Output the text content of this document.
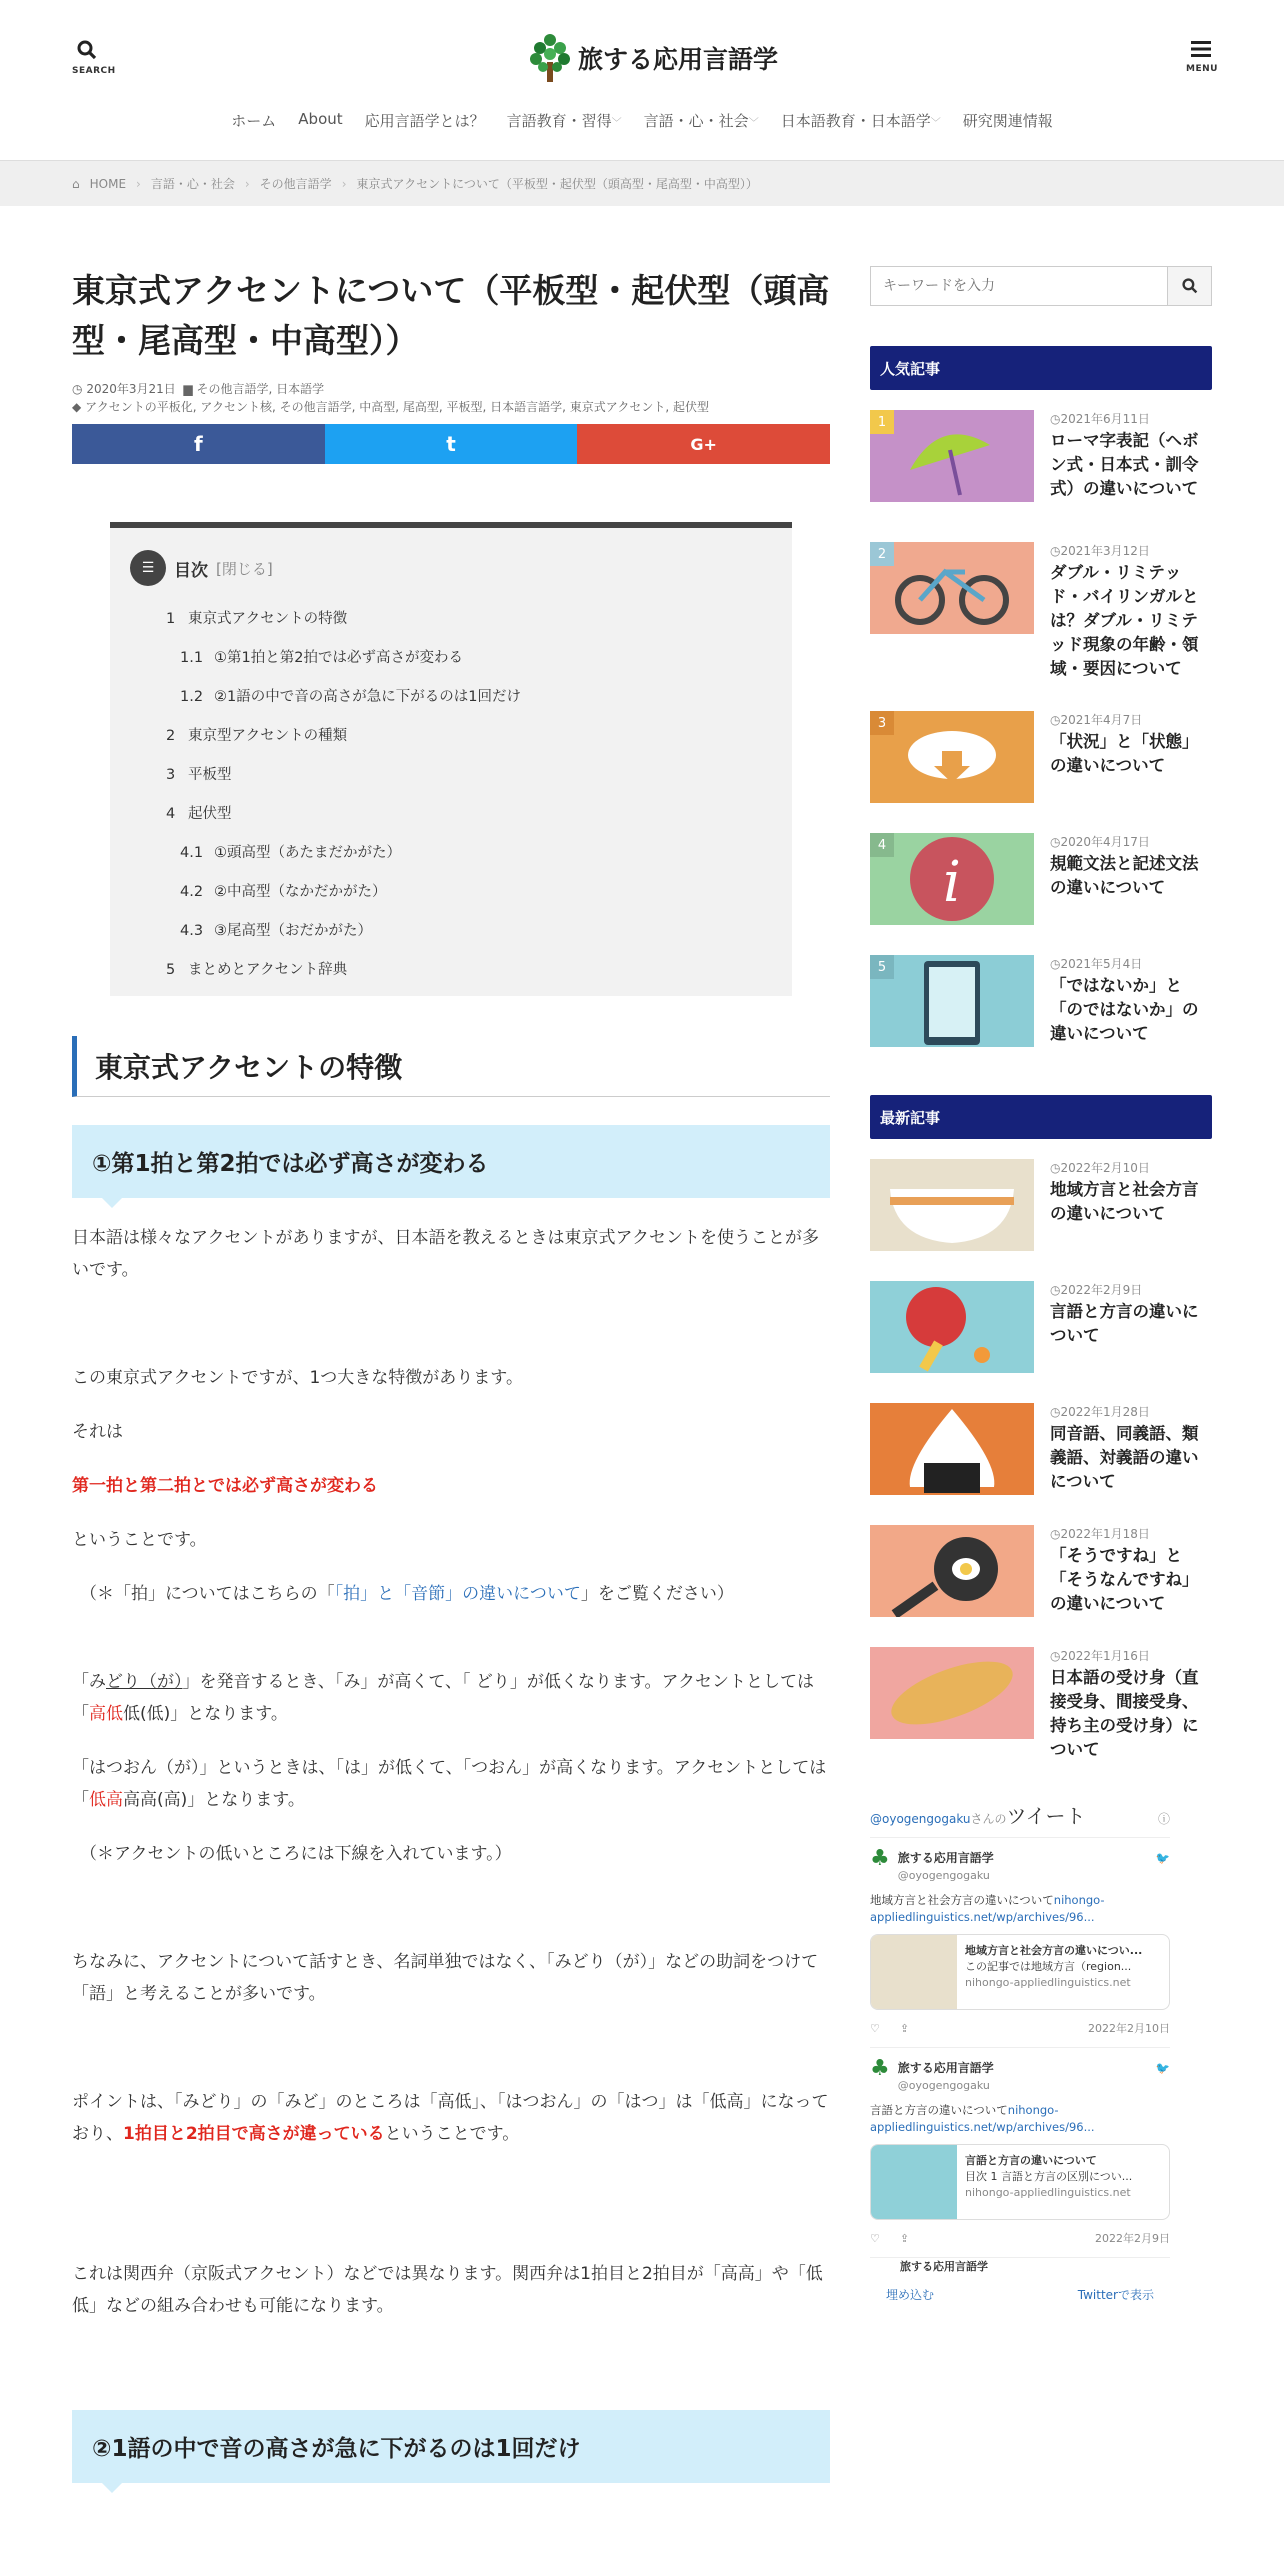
SEARCH	旅する応用言語学	MENU
ホーム About 応用言語学とは？ 言語教育・習得﹀ 言語・心・社会﹀ 日本語教育・日本語学﹀ 研究関連情報
⌂ HOME › 言語・心・社会 › その他言語学 › 東京式アクセントについて（平板型・起伏型（頭高型・尾高型・中高型））
東京式アクセントについて（平板型・起伏型（頭高型・尾高型・中高型））
◷ 2020年3月21日 ▆ その他言語学, 日本語学
◆ アクセントの平板化, アクセント核, その他言語学, 中高型, 尾高型, 平板型, 日本語言語学, 東京式アクセント, 起伏型
f	t	G+
☰	目次 [閉じる]
1 東京式アクセントの特徴
1.1 ①第1拍と第2拍では必ず高さが変わる
1.2 ②1語の中で音の高さが急に下がるのは1回だけ
2 東京型アクセントの種類
3 平板型
4 起伏型
4.1 ①頭高型（あたまだかがた）
4.2 ②中高型（なかだかがた）
4.3 ③尾高型（おだかがた）
5 まとめとアクセント辞典
東京式アクセントの特徴
①第1拍と第2拍では必ず高さが変わる

日本語は様々なアクセントがありますが、日本語を教えるときは東京式アクセントを使うことが多いです。

この東京式アクセントですが、1つ大きな特徴があります。

それは

第一拍と第二拍とでは必ず高さが変わる

ということです。

（＊「拍」についてはこちらの「「拍」と「音節」の違いについて」をご覧ください）

「みどり（が）」を発音するとき、「み」が高くて、「 どり」が低くなります。アクセントとしては「高低低(低)」となります。

「はつおん（が）」というときは、「は」が低くて、「つおん」が高くなります。アクセントとしては「低高高高(高)」となります。

（＊アクセントの低いところには下線を入れています。）

ちなみに、アクセントについて話すとき、名詞単独ではなく、「みどり（が）」などの助詞をつけて「語」と考えることが多いです。

ポイントは、「みどり」の「みど」のところは「高低」、「はつおん」の「はつ」は「低高」になっており、1拍目と2拍目で高さが違っているということです。

これは関西弁（京阪式アクセント）などでは異なります。関西弁は1拍目と2拍目が「高高」や「低低」などの組み合わせも可能になります。

②1語の中で音の高さが急に下がるのは1回だけ
キーワードを入力
人気記事
1	◷2021年6月11日
ローマ字表記（ヘボン式・日本式・訓令式）の違いについて
2	◷2021年3月12日
ダブル・リミテッド・バイリンガルとは？ダブル・リミテッド現象の年齢・領域・要因について
3	◷2021年4月7日
「状況」と「状態」の違いについて
i
4	◷2020年4月17日
規範文法と記述文法の違いについて
5	◷2021年5月4日
「ではないか」と「のではないか」の違いについて
最新記事
◷2022年2月10日
地域方言と社会方言の違いについて
◷2022年2月9日
言語と方言の違いについて
◷2022年1月28日
同音語、同義語、類義語、対義語の違いについて
◷2022年1月18日
「そうですね」と「そうなんですね」の違いについて
◷2022年1月16日
日本語の受け身（直接受身、間接受身、持ち主の受け身）について
@oyogengogakuさんのツイート	ⓘ
♣ 旅する応用言語学
@oyogengogaku
🐦
地域方言と社会方言の違いについてnihongo-appliedlinguistics.net/wp/archives/96...
地域方言と社会方言の違いについ...
この記事では地域方言（region...
nihongo-appliedlinguistics.net
♡ ⇪	2022年2月10日
♣ 旅する応用言語学
@oyogengogaku
🐦
言語と方言の違いについてnihongo-appliedlinguistics.net/wp/archives/96...
言語と方言の違いについて
目次 1 言語と方言の区別につい...
nihongo-appliedlinguistics.net
♡ ⇪	2022年2月9日
旅する応用言語学
埋め込む	Twitterで表示
